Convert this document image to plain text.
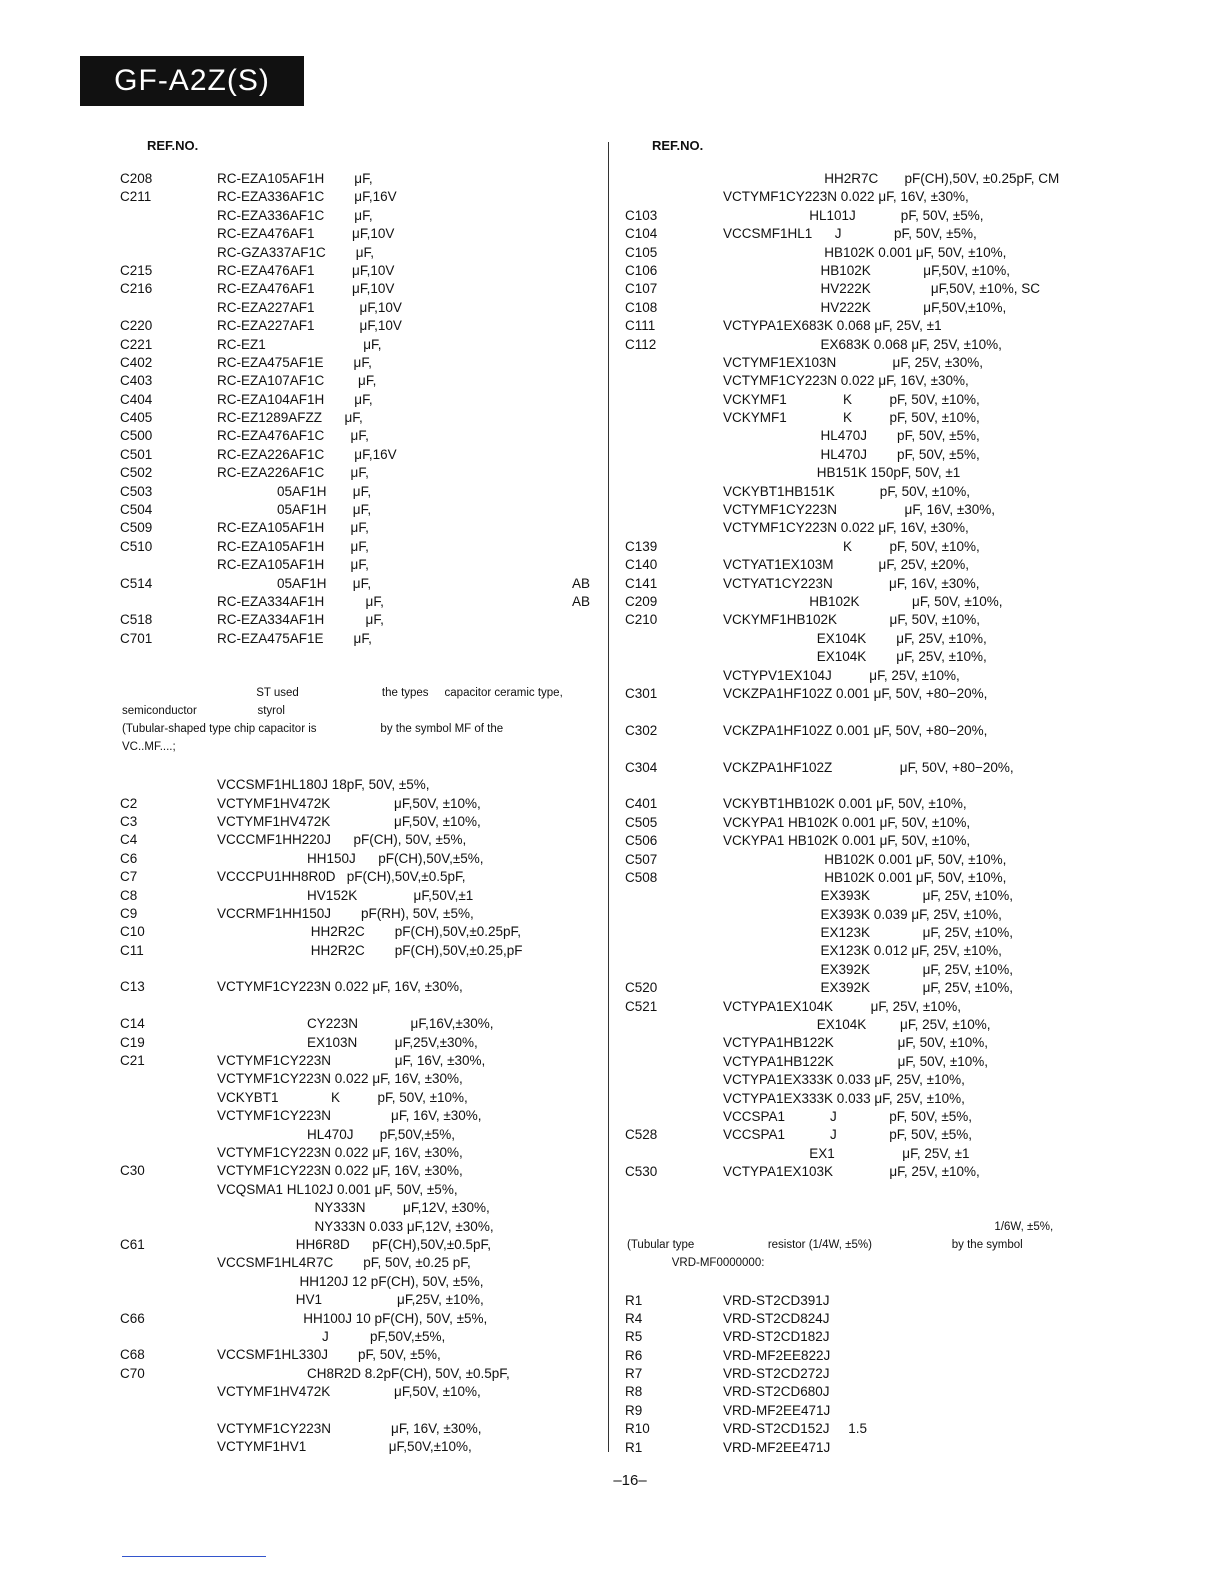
GF-A2Z(S)
REF.NO.
C208	RC-EZA105AF1H        μF,
C211	RC-EZA336AF1C        μF,16V
RC-EZA336AF1C        μF,
RC-EZA476AF1          μF,10V
RC-GZA337AF1C        μF,
C215	RC-EZA476AF1          μF,10V
C216	RC-EZA476AF1          μF,10V
RC-EZA227AF1            μF,10V
C220	RC-EZA227AF1            μF,10V
C221	RC-EZ1                          μF,
C402	RC-EZA475AF1E        μF,
C403	RC-EZA107AF1C         μF,
C404	RC-EZA104AF1H        μF,
C405	RC-EZ1289AFZZ      μF,
C500	RC-EZA476AF1C       μF,
C501	RC-EZA226AF1C        μF,16V
C502	RC-EZA226AF1C       μF,
C503	05AF1H       μF,
C504	05AF1H       μF,
C509	RC-EZA105AF1H       μF,
C510	RC-EZA105AF1H       μF,
RC-EZA105AF1H       μF,
C514	05AF1H       μF,	AB
RC-EZA334AF1H           μF,	AB
C518	RC-EZA334AF1H           μF,
C701	RC-EZA475AF1E        μF,
ST used                          the types     capacitor ceramic type,
semiconductor                   styrol
(Tubular-shaped type chip capacitor is                    by the symbol MF of the
VC..MF....;
VCCSMF1HL180J 18pF, 50V, ±5%,
C2	VCTYMF1HV472K                 μF,50V, ±10%,
C3	VCTYMF1HV472K                 μF,50V, ±10%,
C4	VCCCMF1HH220J      pF(CH), 50V, ±5%,
C6	HH150J      pF(CH),50V,±5%,
C7	VCCCPU1HH8R0D   pF(CH),50V,±0.5pF,
C8	HV152K               μF,50V,±1
C9	VCCRMF1HH150J        pF(RH), 50V, ±5%,
C10	HH2R2C        pF(CH),50V,±0.25pF,
C11	HH2R2C        pF(CH),50V,±0.25,pF
C13	VCTYMF1CY223N 0.022 μF, 16V, ±30%,
C14	CY223N              μF,16V,±30%,
C19	EX103N          μF,25V,±30%,
C21	VCTYMF1CY223N                 μF, 16V, ±30%,
VCTYMF1CY223N 0.022 μF, 16V, ±30%,
VCKYBT1              K          pF, 50V, ±10%,
VCTYMF1CY223N                μF, 16V, ±30%,
HL470J       pF,50V,±5%,
VCTYMF1CY223N 0.022 μF, 16V, ±30%,
C30	VCTYMF1CY223N 0.022 μF, 16V, ±30%,
VCQSMA1 HL102J 0.001 μF, 50V, ±5%,
NY333N          μF,12V, ±30%,
NY333N 0.033 μF,12V, ±30%,
C61	HH6R8D      pF(CH),50V,±0.5pF,
VCCSMF1HL4R7C        pF, 50V, ±0.25 pF,
HH120J 12 pF(CH), 50V, ±5%,
HV1                    μF,25V, ±10%,
C66	HH100J 10 pF(CH), 50V, ±5%,
J           pF,50V,±5%,
C68	VCCSMF1HL330J        pF, 50V, ±5%,
C70	CH8R2D 8.2pF(CH), 50V, ±0.5pF,
VCTYMF1HV472K                 μF,50V, ±10%,
VCTYMF1CY223N                μF, 16V, ±30%,
VCTYMF1HV1                      μF,50V,±10%,
REF.NO.
HH2R7C       pF(CH),50V, ±0.25pF, CM
VCTYMF1CY223N 0.022 μF, 16V, ±30%,
C103	HL101J            pF, 50V, ±5%,
C104	VCCSMF1HL1      J              pF, 50V, ±5%,
C105	HB102K 0.001 μF, 50V, ±10%,
C106	HB102K              μF,50V, ±10%,
C107	HV222K                μF,50V, ±10%, SC
C108	HV222K              μF,50V,±10%,
C111	VCTYPA1EX683K 0.068 μF, 25V, ±1
C112	EX683K 0.068 μF, 25V, ±10%,
VCTYMF1EX103N               μF, 25V, ±30%,
VCTYMF1CY223N 0.022 μF, 16V, ±30%,
VCKYMF1               K          pF, 50V, ±10%,
VCKYMF1               K          pF, 50V, ±10%,
HL470J        pF, 50V, ±5%,
HL470J        pF, 50V, ±5%,
HB151K 150pF, 50V, ±1
VCKYBT1HB151K            pF, 50V, ±10%,
VCTYMF1CY223N                  μF, 16V, ±30%,
VCTYMF1CY223N 0.022 μF, 16V, ±30%,
C139	K          pF, 50V, ±10%,
C140	VCTYAT1EX103M            μF, 25V, ±20%,
C141	VCTYAT1CY223N               μF, 16V, ±30%,
C209	HB102K              μF, 50V, ±10%,
C210	VCKYMF1HB102K              μF, 50V, ±10%,
EX104K        μF, 25V, ±10%,
EX104K        μF, 25V, ±10%,
VCTYPV1EX104J          μF, 25V, ±10%,
C301	VCKZPA1HF102Z 0.001 μF, 50V, +80−20%,
C302	VCKZPA1HF102Z 0.001 μF, 50V, +80−20%,
C304	VCKZPA1HF102Z                  μF, 50V, +80−20%,
C401	VCKYBT1HB102K 0.001 μF, 50V, ±10%,
C505	VCKYPA1 HB102K 0.001 μF, 50V, ±10%,
C506	VCKYPA1 HB102K 0.001 μF, 50V, ±10%,
C507	HB102K 0.001 μF, 50V, ±10%,
C508	HB102K 0.001 μF, 50V, ±10%,
EX393K              μF, 25V, ±10%,
EX393K 0.039 μF, 25V, ±10%,
EX123K              μF, 25V, ±10%,
EX123K 0.012 μF, 25V, ±10%,
EX392K              μF, 25V, ±10%,
C520	EX392K              μF, 25V, ±10%,
C521	VCTYPA1EX104K          μF, 25V, ±10%,
EX104K         μF, 25V, ±10%,
VCTYPA1HB122K                 μF, 50V, ±10%,
VCTYPA1HB122K                 μF, 50V, ±10%,
VCTYPA1EX333K 0.033 μF, 25V, ±10%,
VCTYPA1EX333K 0.033 μF, 25V, ±10%,
VCCSPA1            J              pF, 50V, ±5%,
C528	VCCSPA1            J              pF, 50V, ±5%,
EX1                  μF, 25V, ±1
C530	VCTYPA1EX103K               μF, 25V, ±10%,
1/6W, ±5%,
(Tubular type                       resistor (1/4W, ±5%)                         by the symbol
VRD-MF0000000:
R1	VRD-ST2CD391J
R4	VRD-ST2CD824J
R5	VRD-ST2CD182J
R6	VRD-MF2EE822J
R7	VRD-ST2CD272J
R8	VRD-ST2CD680J
R9	VRD-MF2EE471J
R10	VRD-ST2CD152J     1.5
R1	VRD-MF2EE471J
–16–
